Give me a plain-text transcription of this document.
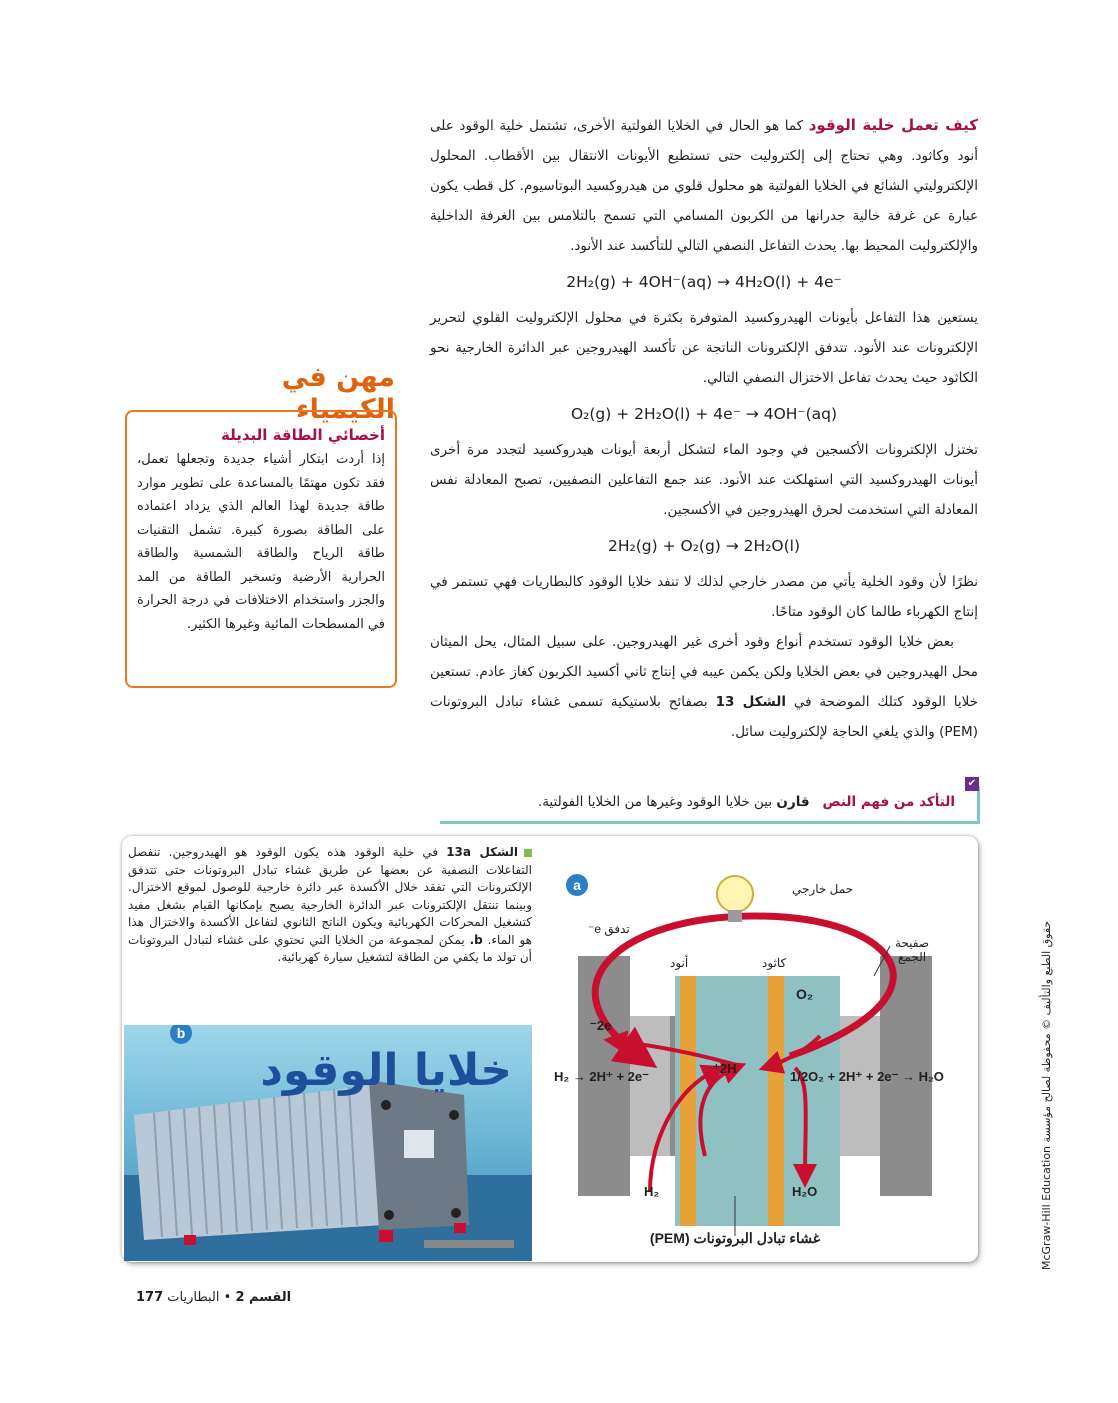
كيف تعمل خلية الوقود كما هو الحال في الخلايا الفولتية الأخرى، تشتمل خلية الوقود على أنود وكاثود. وهي تحتاج إلى إلكتروليت حتى تستطيع الأيونات الانتقال بين الأقطاب. المحلول الإلكتروليتي الشائع في الخلايا الفولتية هو محلول قلوي من هيدروكسيد البوتاسيوم. كل قطب يكون عبارة عن غرفة خالية جدرانها من الكربون المسامي التي تسمح بالتلامس بين الغرفة الداخلية والإلكتروليت المحيط بها. يحدث التفاعل النصفي التالي للتأكسد عند الأنود.

2H₂(g) + 4OH⁻(aq) → 4H₂O(l) + 4e⁻

يستعين هذا التفاعل بأيونات الهيدروكسيد المتوفرة بكثرة في محلول الإلكتروليت القلوي لتحرير الإلكترونات عند الأنود. تتدفق الإلكترونات الناتجة عن تأكسد الهيدروجين عبر الدائرة الخارجية نحو الكاثود حيث يحدث تفاعل الاختزال النصفي التالي.

O₂(g) + 2H₂O(l) + 4e⁻ → 4OH⁻(aq)

تختزل الإلكترونات الأكسجين في وجود الماء لتشكل أربعة أيونات هيدروكسيد لتجدد مرة أخرى أيونات الهيدروكسيد التي استهلكت عند الأنود. عند جمع التفاعلين النصفيين، تصبح المعادلة نفس المعادلة التي استخدمت لحرق الهيدروجين في الأكسجين.

2H₂(g) + O₂(g) → 2H₂O(l)

نظرًا لأن وقود الخلية يأتي من مصدر خارجي لذلك لا تنفد خلايا الوقود كالبطاريات فهي تستمر في إنتاج الكهرباء طالما كان الوقود متاحًا.

بعض خلايا الوقود تستخدم أنواع وقود أخرى غير الهيدروجين. على سبيل المثال، يحل الميثان محل الهيدروجين في بعض الخلايا ولكن يكمن عيبه في إنتاج ثاني أكسيد الكربون كغاز عادم. تستعين خلايا الوقود كتلك الموضحة في الشكل 13 بصفائح بلاستيكية تسمى غشاء تبادل البروتونات (PEM) والذي يلغي الحاجة لإلكتروليت سائل.

مهن في
الكيمياء
أخصائي الطاقة البديلة

إذا أردت ابتكار أشياء جديدة وتجعلها تعمل، فقد تكون مهتمًا بالمساعدة على تطوير موارد طاقة جديدة لهذا العالم الذي يزداد اعتماده على الطاقة بصورة كبيرة. تشمل التقنيات طاقة الرياح والطاقة الشمسية والطاقة الحرارية الأرضية وتسخير الطاقة من المد والجزر واستخدام الاختلافات في درجة الحرارة في المسطحات المائية وغيرها الكثير.

✔
التأكد من فهم النص   قارن بين خلايا الوقود وغيرها من الخلايا الفولتية.
الشكل 13a في خلية الوقود هذه يكون الوقود هو الهيدروجين. تنفصل التفاعلات النصفية عن بعضها عن طريق غشاء تبادل البروتونات حتى تتدفق الإلكترونات التي تفقد خلال الأكسدة عبر دائرة خارجية للوصول لموقع الاختزال. وبينما تنتقل الإلكترونات عبر الدائرة الخارجية يصبح بإمكانها القيام بشغل مفيد كتشغيل المحركات الكهربائية ويكون الناتج الثانوي لتفاعل الأكسدة والاختزال هذا هو الماء. b. يمكن لمجموعة من الخلايا التي تحتوي على غشاء لتبادل البروتونات أن تولد ما يكفي من الطاقة لتشغيل سيارة كهربائية.
خلايا الوقود
b
a	حمل خارجي
تدفق e⁻
صفيحة
الجمع
أنود	كاثود
O₂
2e⁻
2H⁺
H₂ → 2H⁺ + 2e⁻	1/2O₂ + 2H⁺ + 2e⁻ → H₂O
H₂	H₂O
غشاء تبادل البروتونات (PEM)	حقوق الطبع والتأليف © محفوظة لصالح مؤسسة McGraw-Hill Education
القسم 2 • البطاريات 177
